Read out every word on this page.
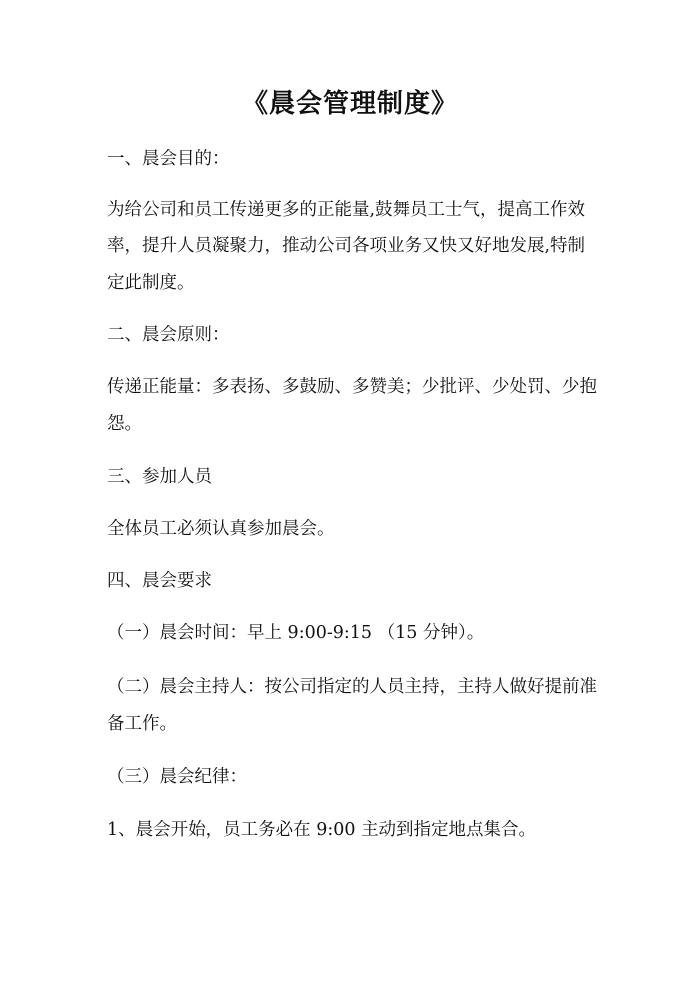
《晨会管理制度》
一、晨会目的：
为给公司和员工传递更多的正能量,鼓舞员工士气，提高工作效
率，提升人员凝聚力，推动公司各项业务又快又好地发展,特制
定此制度。
二、晨会原则：
传递正能量：多表扬、多鼓励、多赞美；少批评、少处罚、少抱
怨。
三、参加人员
全体员工必须认真参加晨会。
四、晨会要求
（一）晨会时间：早上 9:00-9:15 （15 分钟）。
（二）晨会主持人：按公司指定的人员主持，主持人做好提前准
备工作。
（三）晨会纪律：
1、晨会开始，员工务必在 9:00 主动到指定地点集合。
